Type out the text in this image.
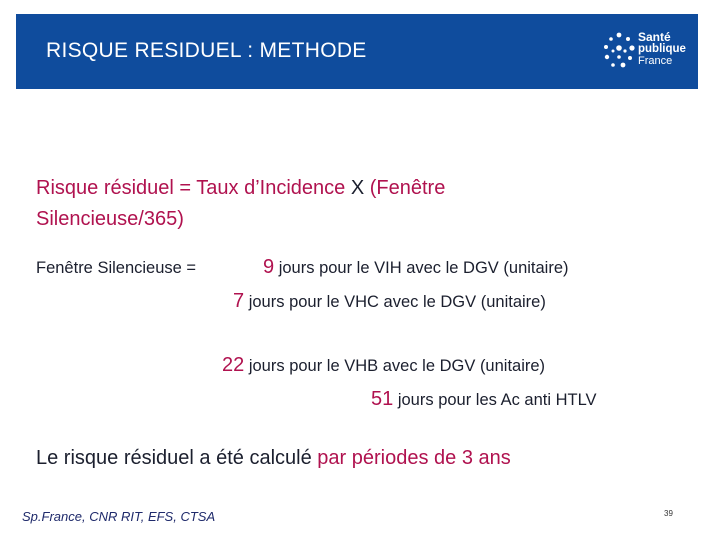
RISQUE RESIDUEL : METHODE
Santé
publique
France
Risque résiduel = Taux d’Incidence X (Fenêtre
Silencieuse/365)
Fenêtre Silencieuse =	9 jours pour le VIH avec le DGV (unitaire)
7 jours pour le VHC avec le DGV (unitaire)
22 jours pour le VHB avec le DGV (unitaire)
51 jours pour les Ac anti HTLV
Le risque résiduel a été calculé par périodes de 3 ans
Sp.France, CNR RIT, EFS, CTSA	39
